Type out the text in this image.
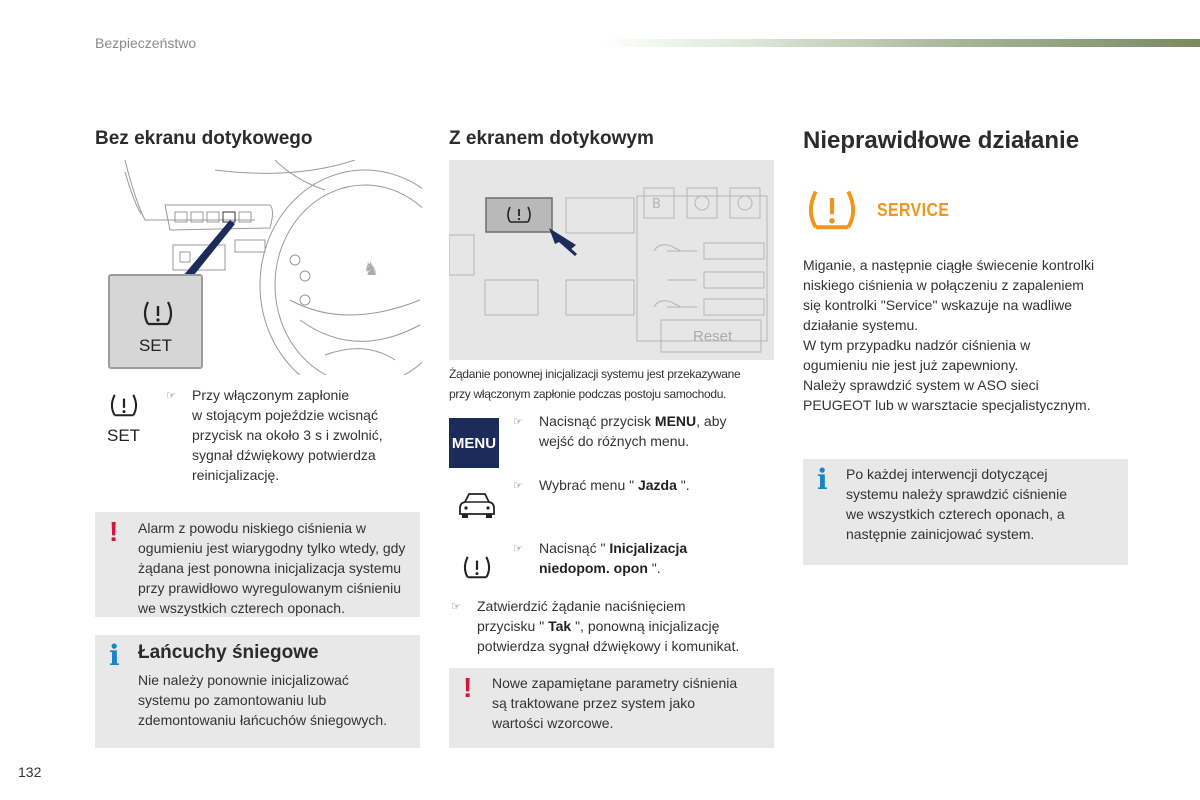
Bezpieczeństwo
Bez ekranu dotykowego
♞
SET
SET
☞ Przy włączonym zapłonie
w stojącym pojeździe wcisnąć
przycisk na około 3 s i zwolnić,
sygnał dźwiękowy potwierdza
reinicjalizację.
! Alarm z powodu niskiego ciśnienia w
ogumieniu jest wiarygodny tylko wtedy, gdy
żądana jest ponowna inicjalizacja systemu
przy prawidłowo wyregulowanym ciśnieniu
we wszystkich czterech oponach.
i Łańcuchy śniegowe
Nie należy ponownie inicjalizować
systemu po zamontowaniu lub
zdemontowaniu łańcuchów śniegowych.
Z ekranem dotykowym
B
Reset
Żądanie ponownej inicjalizacji systemu jest przekazywane
przy włączonym zapłonie podczas postoju samochodu.
MENU
☞ Nacisnąć przycisk MENU, aby
wejść do różnych menu.
☞ Wybrać menu " Jazda ".
☞ Nacisnąć " Inicjalizacja
niedopom. opon ".
☞ Zatwierdzić żądanie naciśnięciem
przycisku " Tak ", ponowną inicjalizację
potwierdza sygnał dźwiękowy i komunikat.
! Nowe zapamiętane parametry ciśnienia
są traktowane przez system jako
wartości wzorcowe.
Nieprawidłowe działanie
SERVICE
Miganie, a następnie ciągłe świecenie kontrolki
niskiego ciśnienia w połączeniu z zapaleniem
się kontrolki "Service" wskazuje na wadliwe
działanie systemu.
W tym przypadku nadzór ciśnienia w
ogumieniu nie jest już zapewniony.
Należy sprawdzić system w ASO sieci
PEUGEOT lub w warsztacie specjalistycznym.
i Po każdej interwencji dotyczącej
systemu należy sprawdzić ciśnienie
we wszystkich czterech oponach, a
następnie zainicjować system.
132
